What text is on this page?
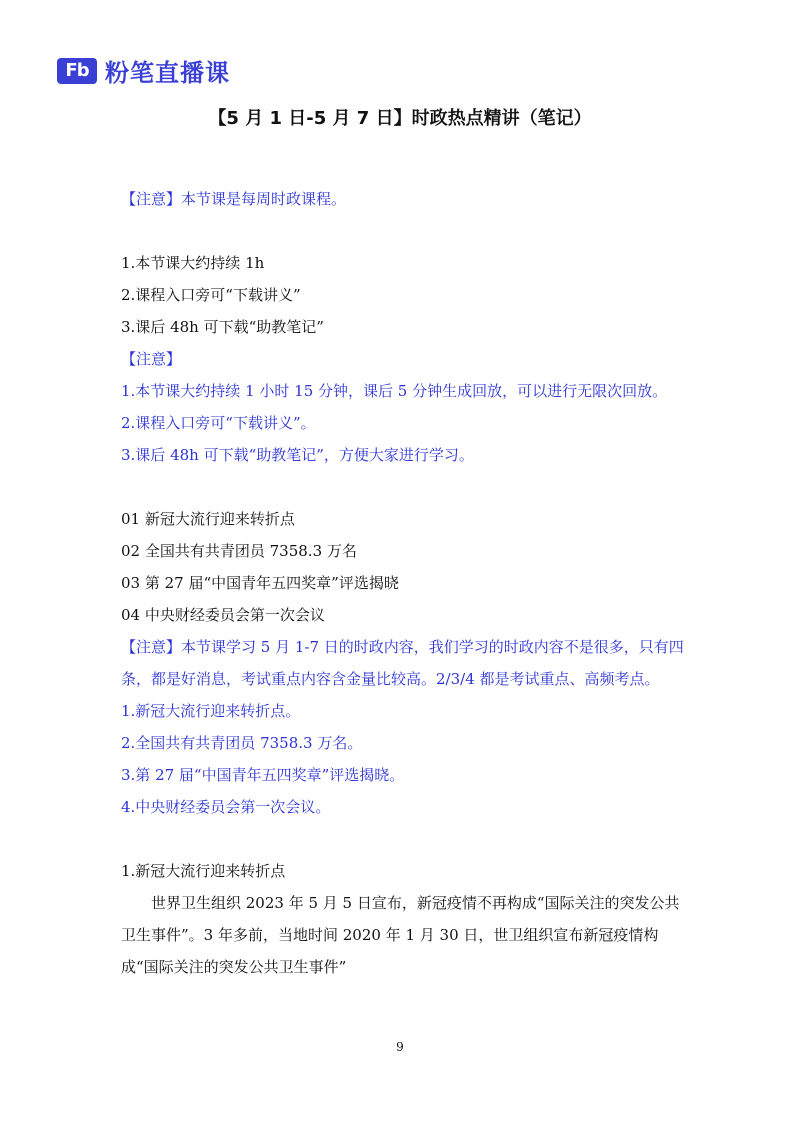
Fb 粉笔直播课
【5 月 1 日-5 月 7 日】时政热点精讲（笔记）

【注意】本节课是每周时政课程。

1.本节课大约持续 1h

2.课程入口旁可“下载讲义”

3.课后 48h 可下载“助教笔记”

【注意】

1.本节课大约持续 1 小时 15 分钟，课后 5 分钟生成回放，可以进行无限次回放。

2.课程入口旁可“下载讲义”。

3.课后 48h 可下载“助教笔记”，方便大家进行学习。

01 新冠大流行迎来转折点

02 全国共有共青团员 7358.3 万名

03 第 27 届“中国青年五四奖章”评选揭晓

04 中央财经委员会第一次会议

【注意】本节课学习 5 月 1-7 日的时政内容，我们学习的时政内容不是很多，只有四条，都是好消息，考试重点内容含金量比较高。2/3/4 都是考试重点、高频考点。

1.新冠大流行迎来转折点。

2.全国共有共青团员 7358.3 万名。

3.第 27 届“中国青年五四奖章”评选揭晓。

4.中央财经委员会第一次会议。

1.新冠大流行迎来转折点

世界卫生组织 2023 年 5 月 5 日宣布，新冠疫情不再构成“国际关注的突发公共卫生事件”。3 年多前，当地时间 2020 年 1 月 30 日，世卫组织宣布新冠疫情构成“国际关注的突发公共卫生事件”

9
